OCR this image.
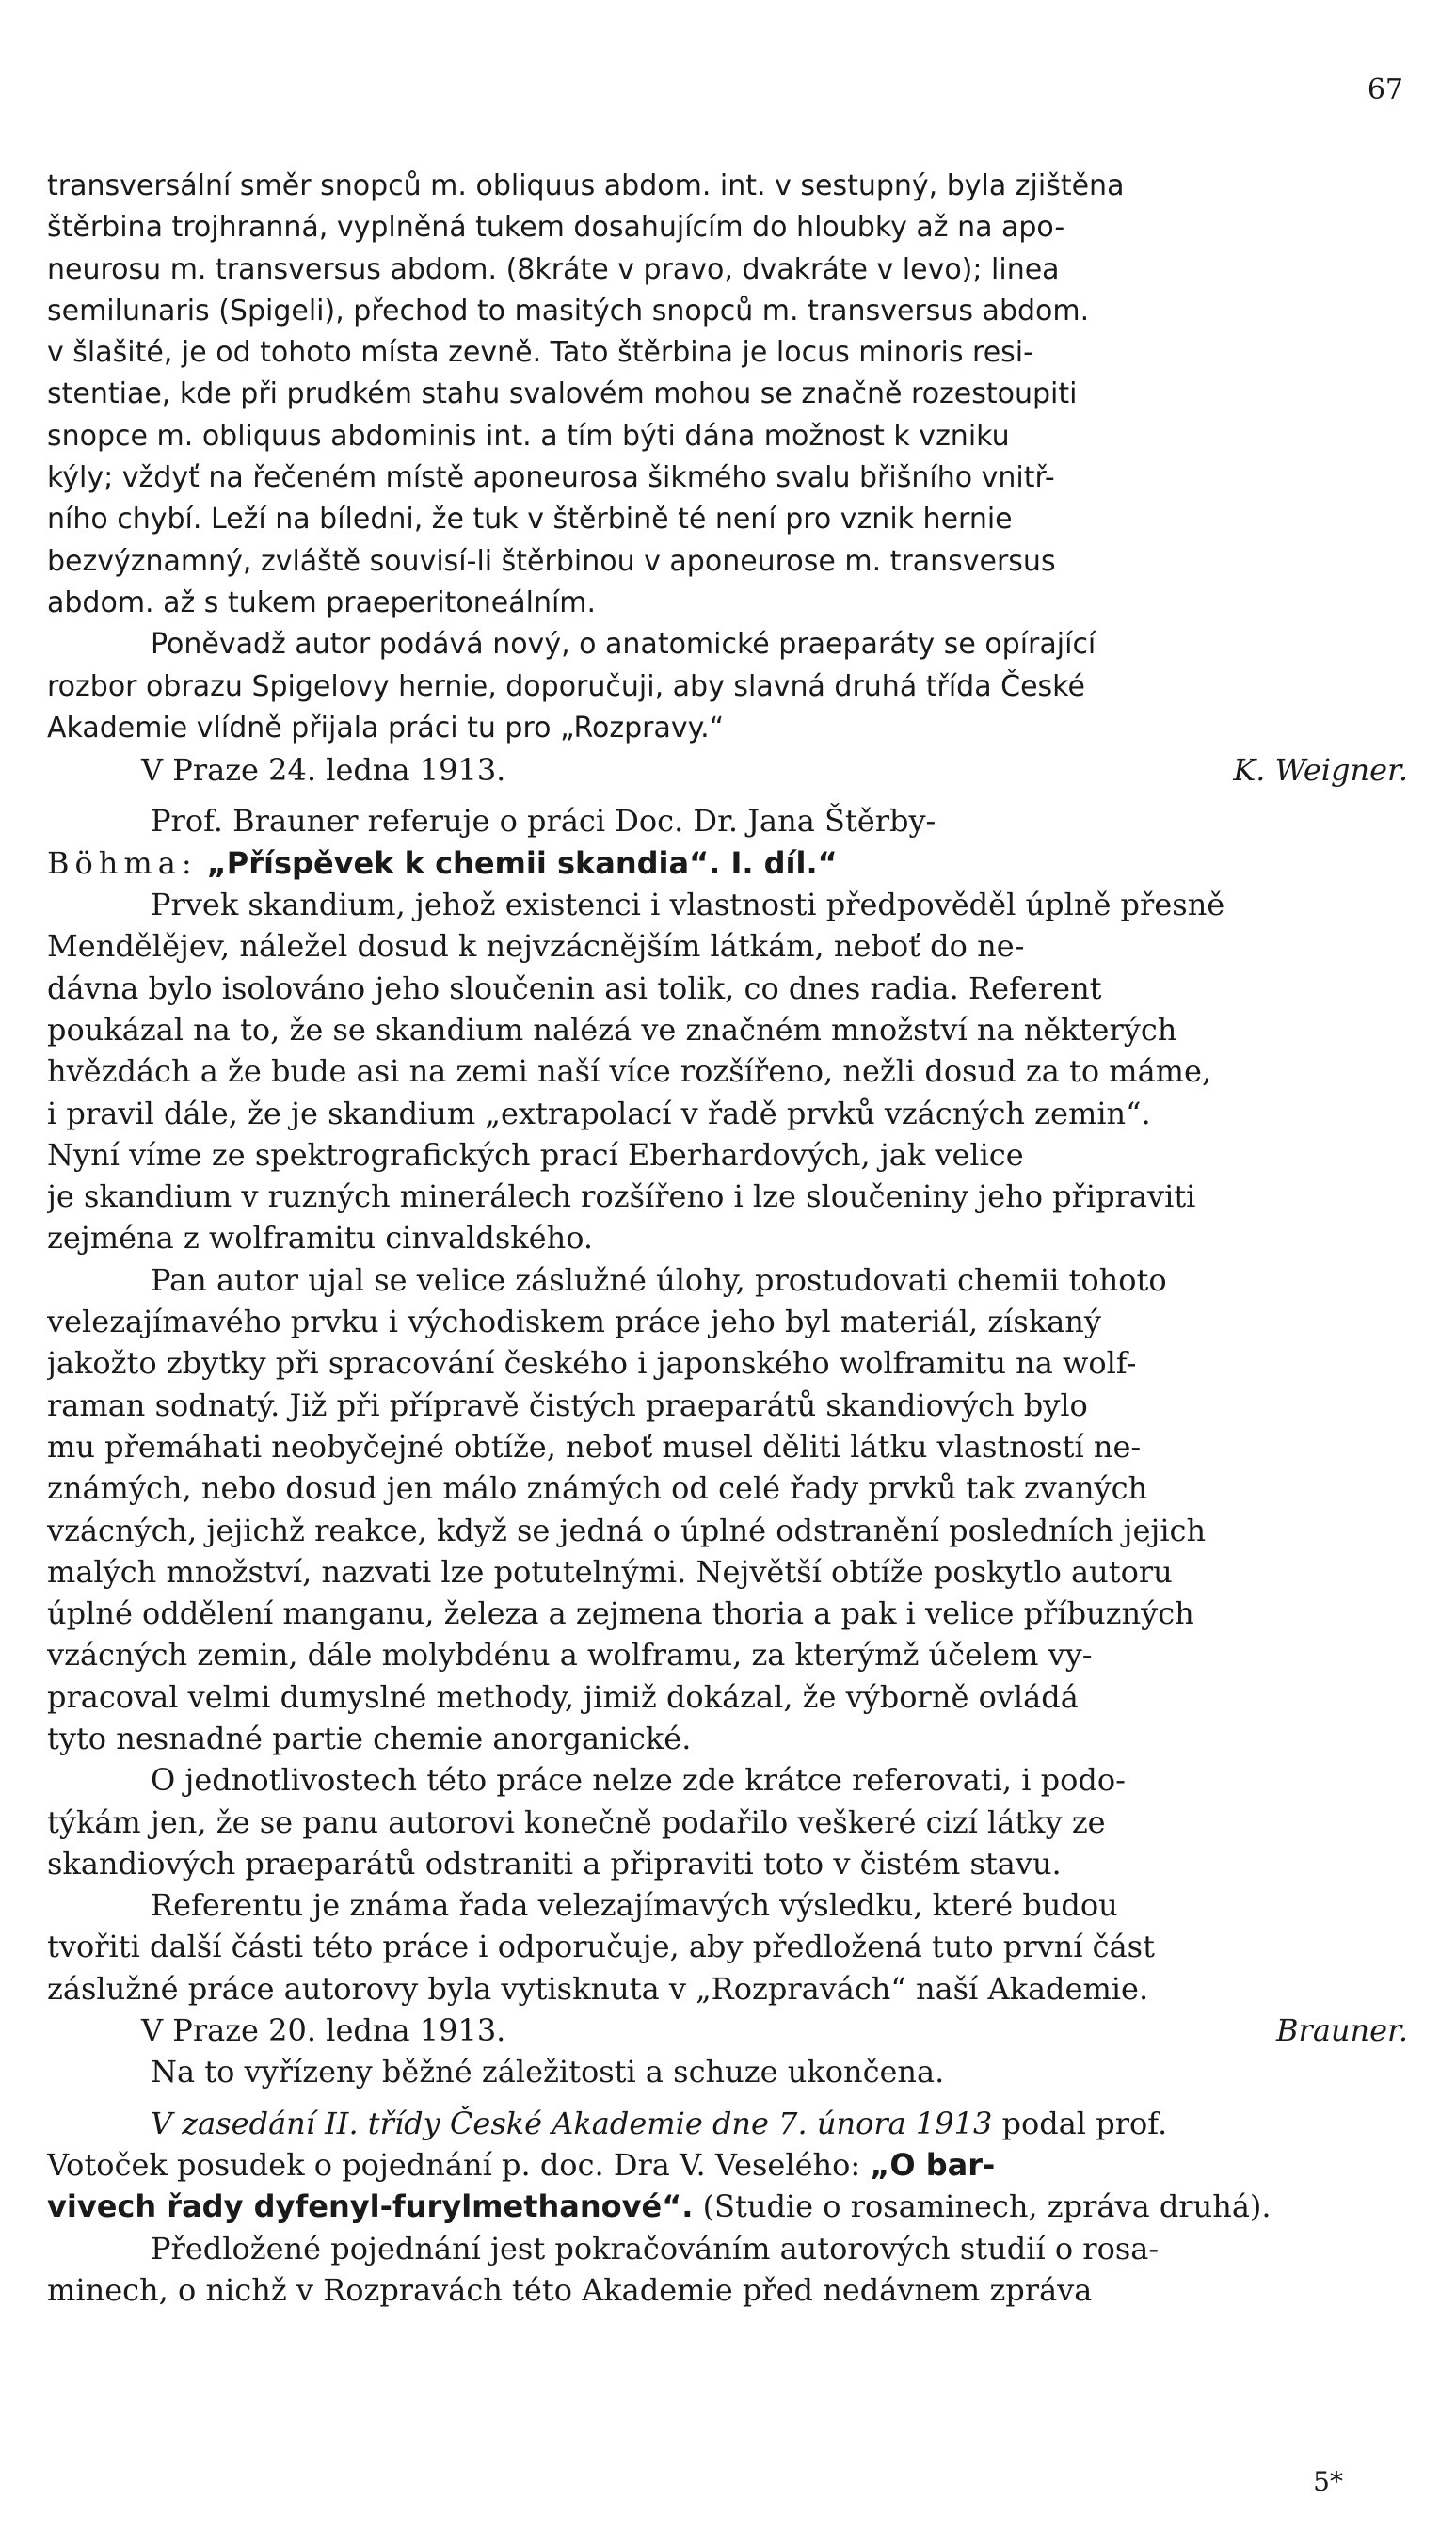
67
transversální směr snopců m. obliquus abdom. int. v sestupný, byla zjištěna
štěrbina trojhranná, vyplněná tukem dosahujícím do hloubky až na apo-
neurosu m. transversus abdom. (8kráte v pravo, dvakráte v levo); linea
semilunaris (Spigeli), přechod to masitých snopců m. transversus abdom.
v šlašité, je od tohoto místa zevně. Tato štěrbina je locus minoris resi-
stentiae, kde při prudkém stahu svalovém mohou se značně rozestoupiti
snopce m. obliquus abdominis int. a tím býti dána možnost k vzniku
kýly; vždyť na řečeném místě aponeurosa šikmého svalu břišního vnitř-
ního chybí. Leží na bíledni, že tuk v štěrbině té není pro vznik hernie
bezvýznamný, zvláště souvisí-li štěrbinou v aponeurose m. transversus
abdom. až s tukem praeperitoneálním.
Poněvadž autor podává nový, o anatomické praeparáty se opírající
rozbor obrazu Spigelovy hernie, doporučuji, aby slavná druhá třída České
Akademie vlídně přijala práci tu pro „Rozpravy.“
V Praze 24. ledna 1913.	K. Weigner.
Prof. Brauner referuje o práci Doc. Dr. Jana Štěrby-
Böhma: „Příspěvek k chemii skandia“. I. díl.“
Prvek skandium, jehož existenci i vlastnosti předpověděl úplně přesně
Mendělějev, náležel dosud k nejvzácnějším látkám, neboť do ne-
dávna bylo isolováno jeho sloučenin asi tolik, co dnes radia. Referent
poukázal na to, že se skandium nalézá ve značném množství na některých
hvězdách a že bude asi na zemi naší více rozšířeno, nežli dosud za to máme,
i pravil dále, že je skandium „extrapolací v řadě prvků vzácných zemin“.
Nyní víme ze spektrografických prací Eberhardových, jak velice
je skandium v ruzných minerálech rozšířeno i lze sloučeniny jeho připraviti
zejména z wolframitu cinvaldského.
Pan autor ujal se velice záslužné úlohy, prostudovati chemii tohoto
velezajímavého prvku i východiskem práce jeho byl materiál, získaný
jakožto zbytky při spracování českého i japonského wolframitu na wolf-
raman sodnatý. Již při přípravě čistých praeparátů skandiových bylo
mu přemáhati neobyčejné obtíže, neboť musel děliti látku vlastností ne-
známých, nebo dosud jen málo známých od celé řady prvků tak zvaných
vzácných, jejichž reakce, když se jedná o úplné odstranění posledních jejich
malých množství, nazvati lze potutelnými. Největší obtíže poskytlo autoru
úplné oddělení manganu, železa a zejmena thoria a pak i velice příbuzných
vzácných zemin, dále molybdénu a wolframu, za kterýmž účelem vy-
pracoval velmi dumyslné methody, jimiž dokázal, že výborně ovládá
tyto nesnadné partie chemie anorganické.
O jednotlivostech této práce nelze zde krátce referovati, i podo-
týkám jen, že se panu autorovi konečně podařilo veškeré cizí látky ze
skandiových praeparátů odstraniti a připraviti toto v čistém stavu.
Referentu je známa řada velezajímavých výsledku, které budou
tvořiti další části této práce i odporučuje, aby předložená tuto první část
záslužné práce autorovy byla vytisknuta v „Rozpravách“ naší Akademie.
V Praze 20. ledna 1913.	Brauner.
Na to vyřízeny běžné záležitosti a schuze ukončena.
V zasedání II. třídy České Akademie dne 7. února 1913 podal prof.
Votoček posudek o pojednání p. doc. Dra V. Veselého: „O bar-
vivech řady dyfenyl-furylmethanové“. (Studie o rosaminech, zpráva druhá).
Předložené pojednání jest pokračováním autorových studií o rosa-
minech, o nichž v Rozpravách této Akademie před nedávnem zpráva
5*
